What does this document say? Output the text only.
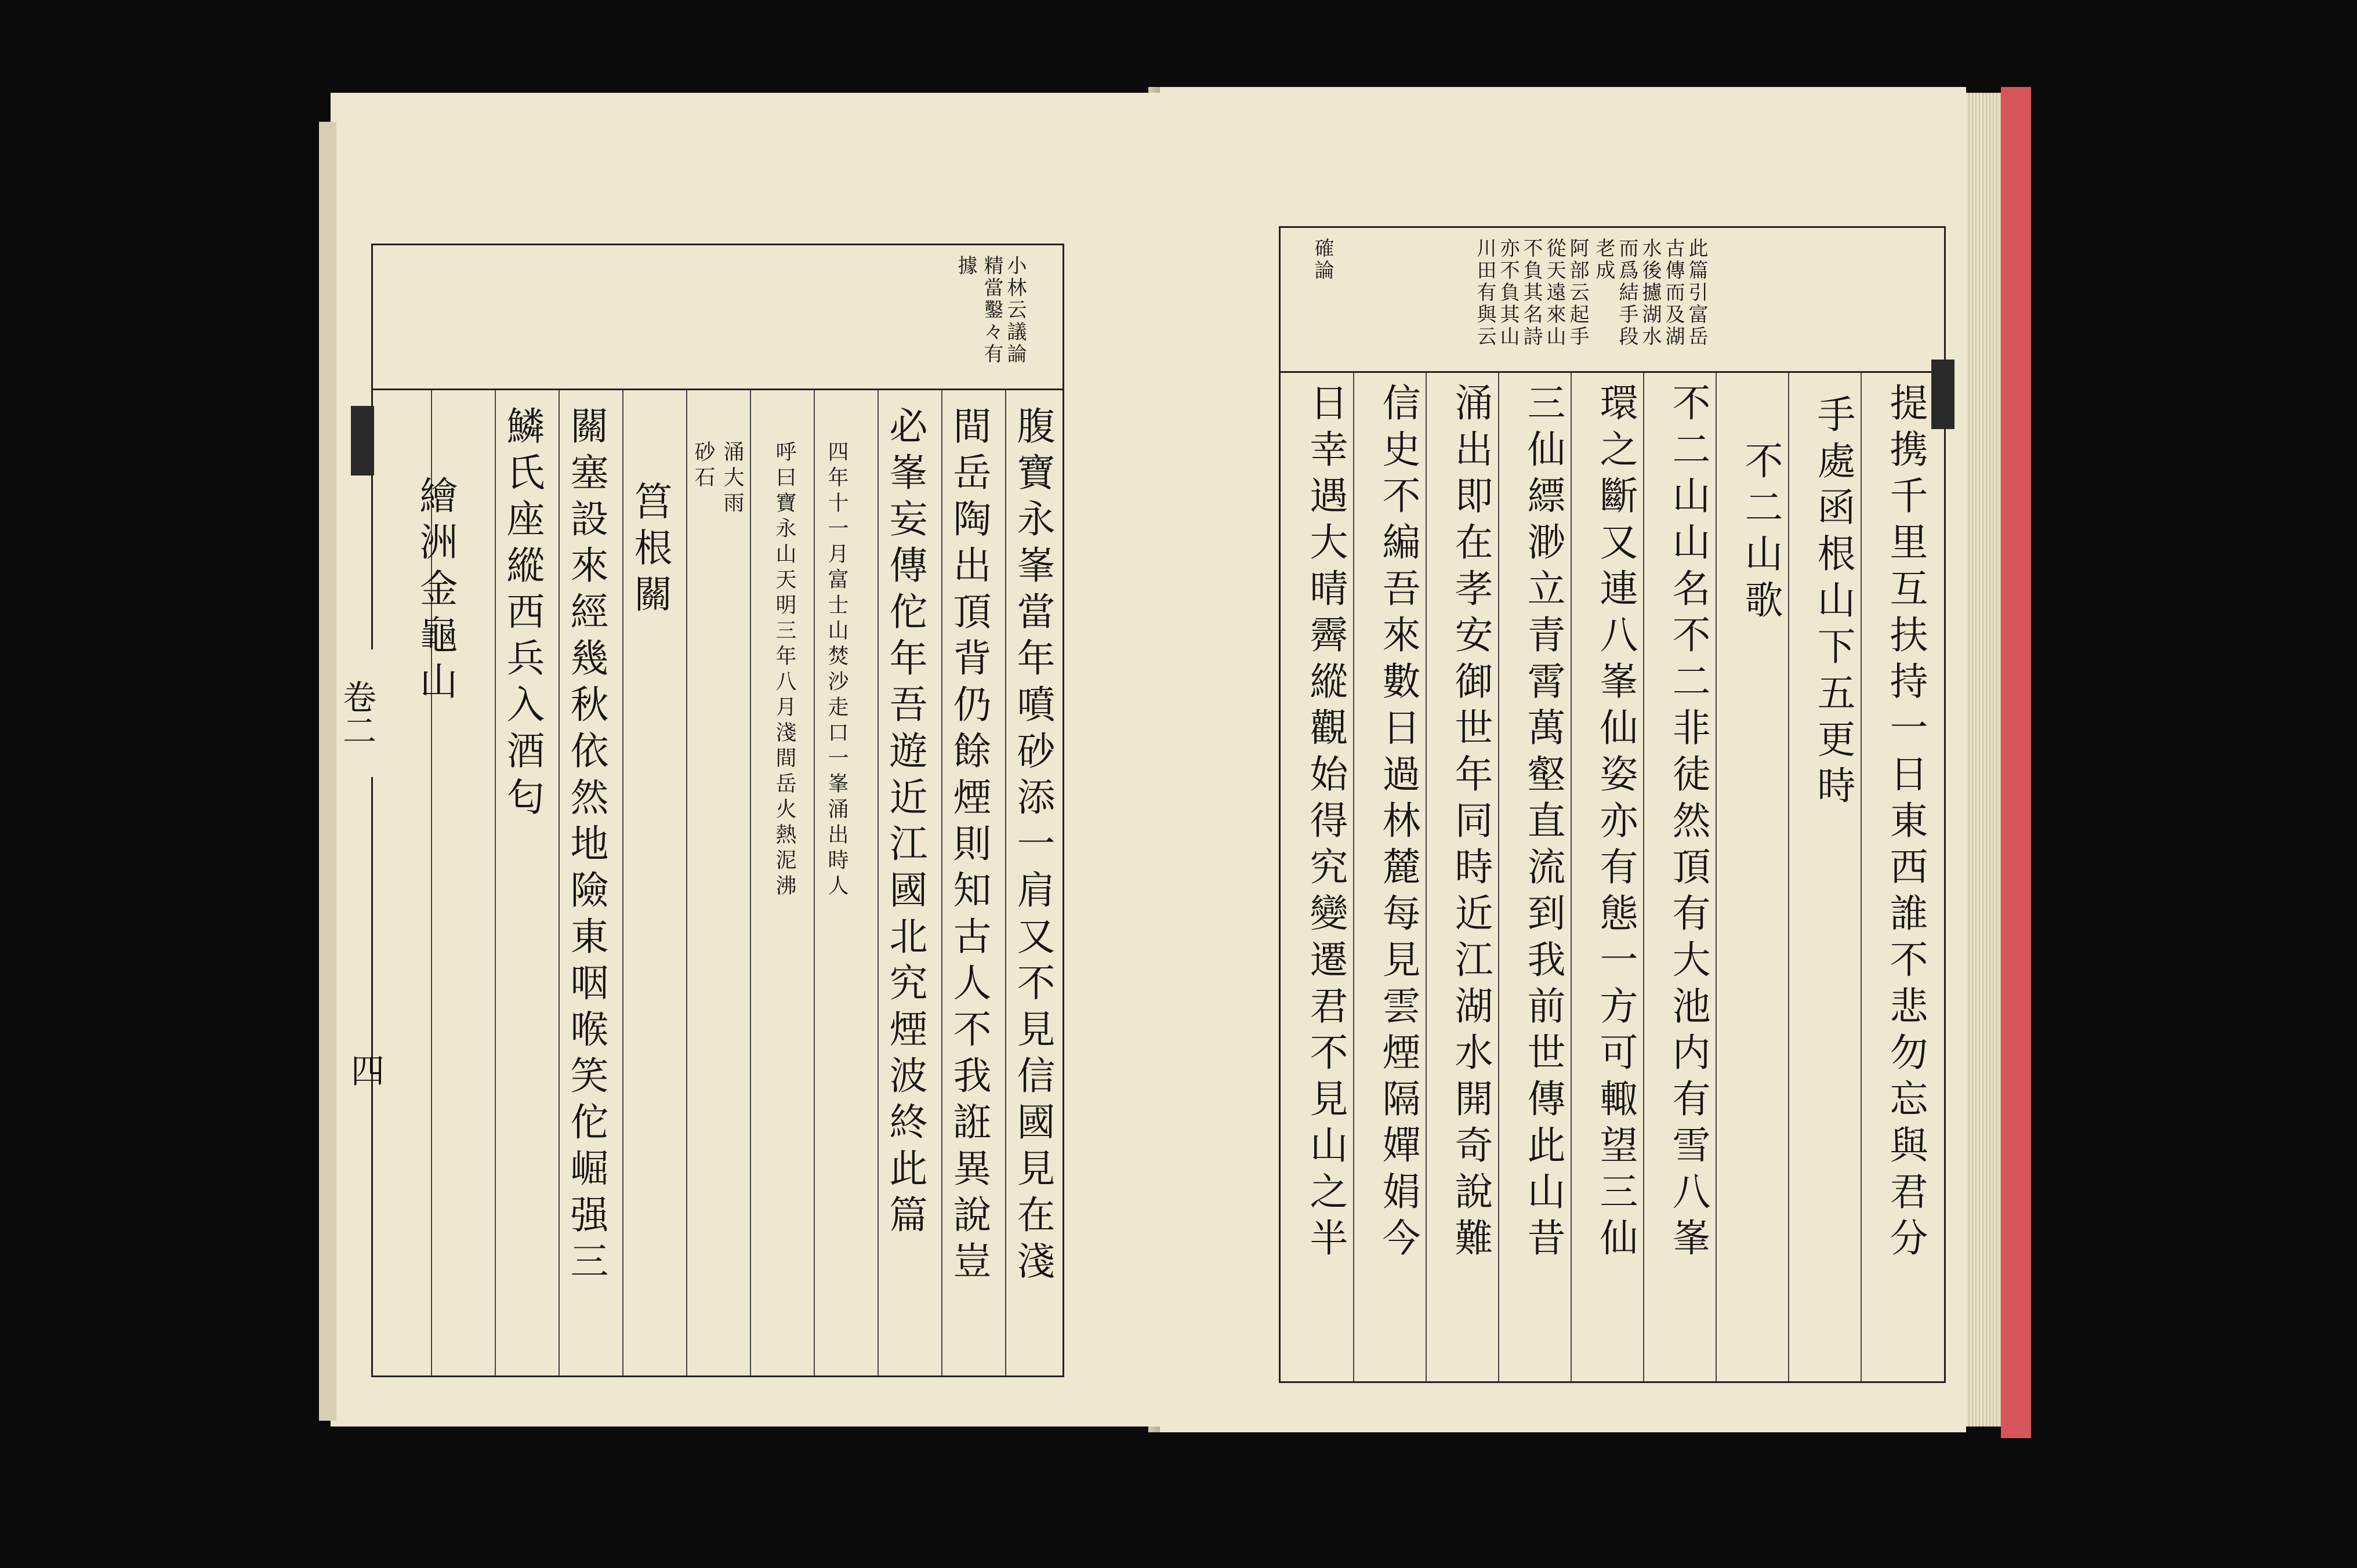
小林云議論
精當鑿々有
據
腹寶永峯當年噴砂添一肩又不見信國見在淺
間岳陶出頂背仍餘煙則知古人不我誑異說豈
必峯妄傳佗年吾遊近江國北究煙波終此篇
四年十一月富士山焚沙走口一峯涌出時人
呼曰寶永山天明三年八月淺間岳火熱泥沸
涌大雨
砂石
筥根關
關塞設來經幾秋依然地險東咽喉笑佗崛强三
鱗氏座縱西兵入酒匂
繪洲金龜山
卷二
四
此篇引富岳
古傳而及湖
水後攄湖水
而爲結手段
老成
阿部云起手
從天遠來山
不負其名詩
亦不負其山
川田有與云
確論
提携千里互扶持一日東西誰不悲勿忘與君分
手處函根山下五更時
不二山歌
不二山山名不二非徒然頂有大池内有雪八峯
環之斷又連八峯仙姿亦有態一方可輙望三仙
三仙縹渺立青霄萬壑直流到我前世傳此山昔
涌出即在孝安御世年同時近江湖水開奇說難
信史不編吾來數日過林麓每見雲煙隔嬋娟今
日幸遇大晴霽縱觀始得究變遷君不見山之半
